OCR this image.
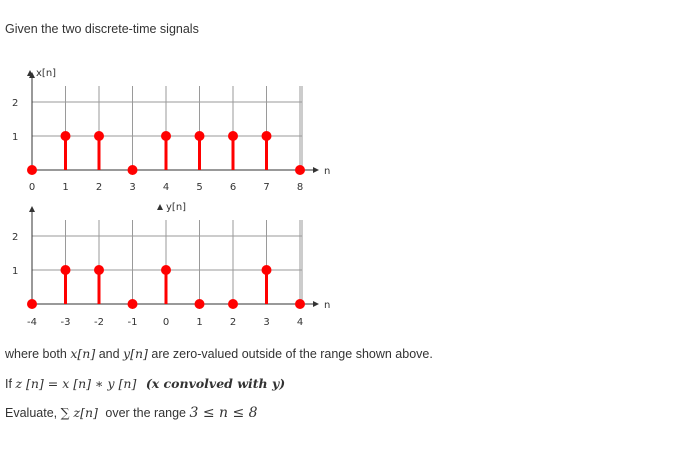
Given the two discrete-time signals
n
x[n]
1
2
0	1	2	3	4	5	6	7	8
n
y[n]
1
2
-4 -3 -2 -1	0	1	2	3	4
where both x[n] and y[n] are zero-valued outside of the range shown above.
If z [n] = x [n] ∗ y [n] (x convolved with y)
Evaluate, ∑ z[n] over the range 3 ≤ n ≤ 8
